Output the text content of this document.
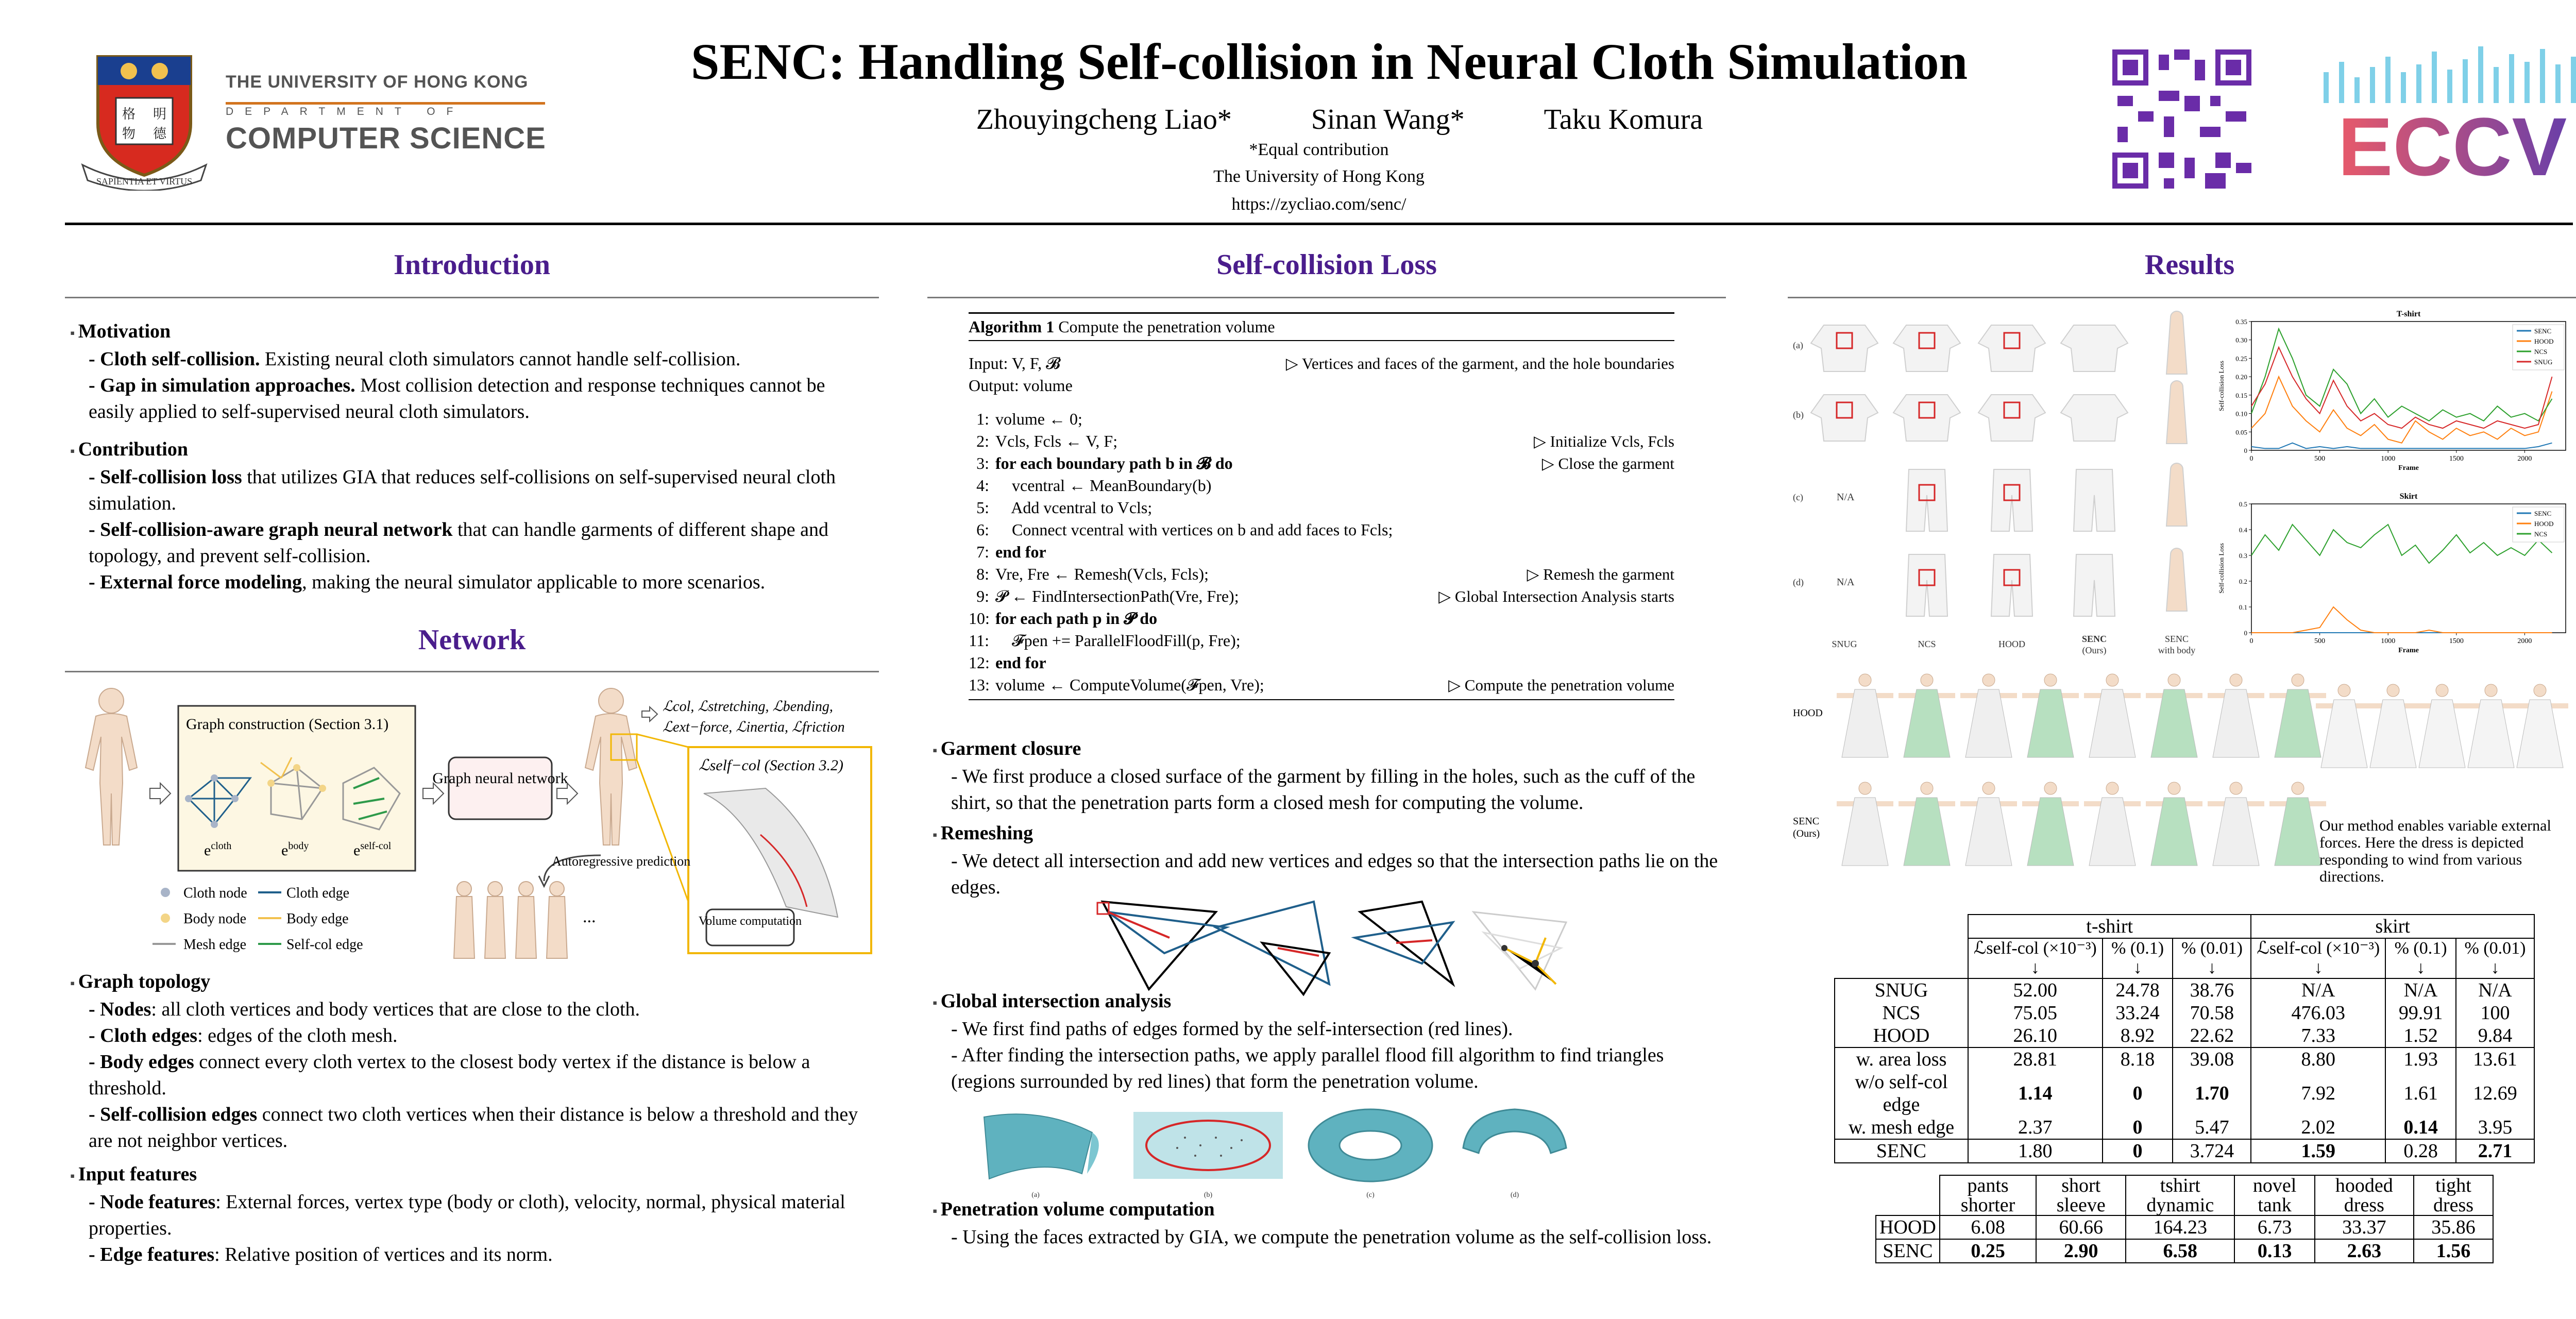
格 明
物 德
SAPIENTIA ET VIRTUS
THE UNIVERSITY OF HONG KONG
DEPARTMENT OF
COMPUTER SCIENCE
SENC: Handling Self-collision in Neural Cloth Simulation
Zhouyingcheng Liao*	Sinan Wang*	Taku Komura
*Equal contribution
The University of Hong Kong
https://zycliao.com/senc/
ECCV
Introduction
▪ Motivation
- Cloth self-collision. Existing neural cloth simulators cannot handle self-collision.
- Gap in simulation approaches. Most collision detection and response techniques cannot be easily applied to self-supervised neural cloth simulators.
▪ Contribution
- Self-collision loss that utilizes GIA that reduces self-collisions on self-supervised neural cloth simulation.
- Self-collision-aware graph neural network that can handle garments of different shape and topology, and prevent self-collision.
- External force modeling, making the neural simulator applicable to more scenarios.
Network
Graph construction (Section 3.1)
$e^{cloth}$	$e^{body}$	$e^{self-col}$
Graph neural network
ℒself−col (Section 3.2)
Volume computation
ℒcol, ℒstretching, ℒbending,
ℒext−force, ℒinertia, ℒfriction
Autoregressive prediction
...
Cloth node	Cloth edge
Body node	Body edge
Mesh edge	Self-col edge
▪ Graph topology
- Nodes: all cloth vertices and body vertices that are close to the cloth.
- Cloth edges: edges of the cloth mesh.
- Body edges connect every cloth vertex to the closest body vertex if the distance is below a threshold.
- Self-collision edges connect two cloth vertices when their distance is below a threshold and they are not neighbor vertices.
▪ Input features
- Node features: External forces, vertex type (body or cloth), velocity, normal, physical material properties.
- Edge features: Relative position of vertices and its norm.
Self-collision Loss
Algorithm 1 Compute the penetration volume
Input: V, F, 𝓑	▷ Vertices and faces of the garment, and the hole boundaries
Output: volume
1: volume ← 0;
2: Vcls, Fcls ← V, F;	▷ Initialize Vcls, Fcls
3: for each boundary path b in 𝓑 do	▷ Close the garment
4:    vcentral ← MeanBoundary(b)
5:    Add vcentral to Vcls;
6:    Connect vcentral with vertices on b and add faces to Fcls;
7: end for
8: Vre, Fre ← Remesh(Vcls, Fcls);	▷ Remesh the garment
9: 𝓟 ← FindIntersectionPath(Vre, Fre);	▷ Global Intersection Analysis starts
10: for each path p in 𝓟 do
11:    𝓕pen += ParallelFloodFill(p, Fre);
12: end for
13: volume ← ComputeVolume(𝓕pen, Vre);	▷ Compute the penetration volume
▪ Garment closure
- We first produce a closed surface of the garment by filling in the holes, such as the cuff of the shirt, so that the penetration parts form a closed mesh for computing the volume.
▪ Remeshing
- We detect all intersection and add new vertices and edges so that the intersection paths lie on the edges.
▪ Global intersection analysis
- We first find paths of edges formed by the self-intersection (red lines).
- After finding the intersection paths, we apply parallel flood fill algorithm to find triangles (regions surrounded by red lines) that form the penetration volume.
(a)	(b)	(c)	(d)
▪ Penetration volume computation
- Using the faces extracted by GIA, we compute the penetration volume as the self-collision loss.
Results
(a)
(b)
(c)
(d)
N/A
N/A
SNUG	NCS	HOOD	SENC
(Ours)
SENC
with body
T-shirt
0	500	1000	1500	2000
0
0.05
0.10
0.15
0.20
0.25
0.30
0.35
Frame
Self-collision Loss
SENC
HOOD
NCS
SNUG
Skirt
0	500	1000	1500	2000
0
0.1
0.2
0.3
0.4
0.5
Frame
Self-collision Loss
SENC
HOOD
NCS
HOOD
SENC
(Ours)	Our method enables variable external forces. Here the dress is depicted responding to wind from various directions.
	t-shirt			skirt		
	ℒself-col (×10⁻³) ↓	% (0.1) ↓	% (0.01) ↓	ℒself-col (×10⁻³) ↓	% (0.1) ↓	% (0.01) ↓
SNUG	52.00	24.78	38.76	N/A	N/A	N/A
NCS	75.05	33.24	70.58	476.03	99.91	100
HOOD	26.10	8.92	22.62	7.33	1.52	9.84
w. area loss	28.81	8.18	39.08	8.80	1.93	13.61
w/o self-col edge	1.14	0	1.70	7.92	1.61	12.69
w. mesh edge	2.37	0	5.47	2.02	0.14	3.95
SENC	1.80	0	3.724	1.59	0.28	2.71
	pants shorter	short sleeve	tshirt dynamic	novel tank	hooded dress	tight dress
HOOD	6.08	60.66	164.23	6.73	33.37	35.86
SENC	0.25	2.90	6.58	0.13	2.63	1.56
